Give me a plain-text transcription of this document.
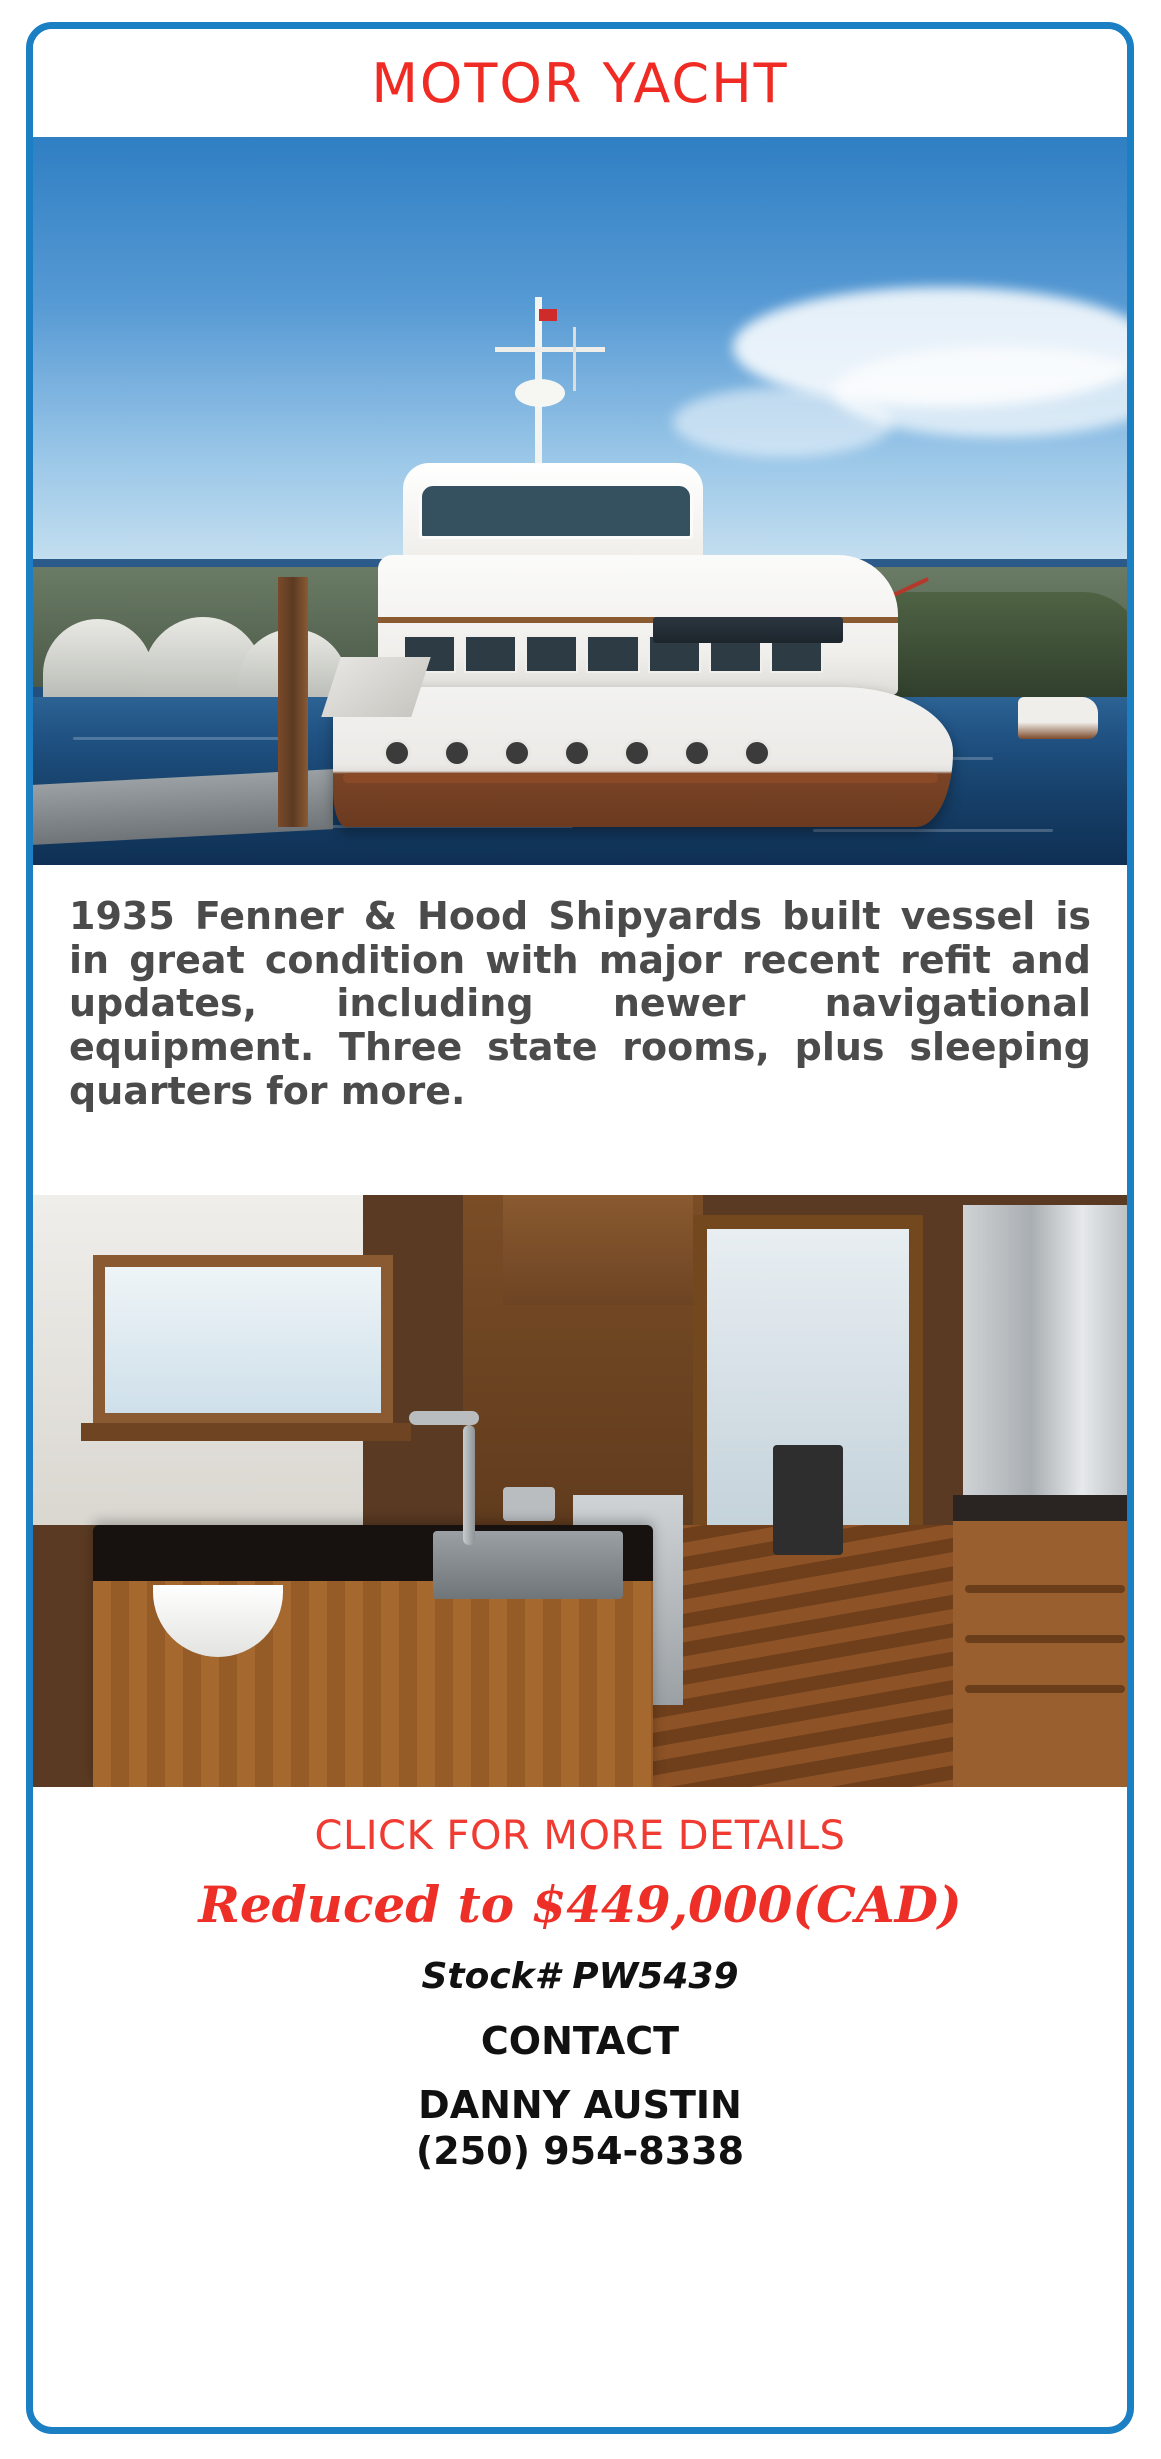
MOTOR YACHT

1935 Fenner & Hood Shipyards built vessel is in great condition with major recent refit and updates, including newer navigational equipment. Three state rooms, plus sleeping quarters for more.

CLICK FOR MORE DETAILS
Reduced to $449,000(CAD)
Stock# PW5439
CONTACT
DANNY AUSTIN
(250) 954-8338
